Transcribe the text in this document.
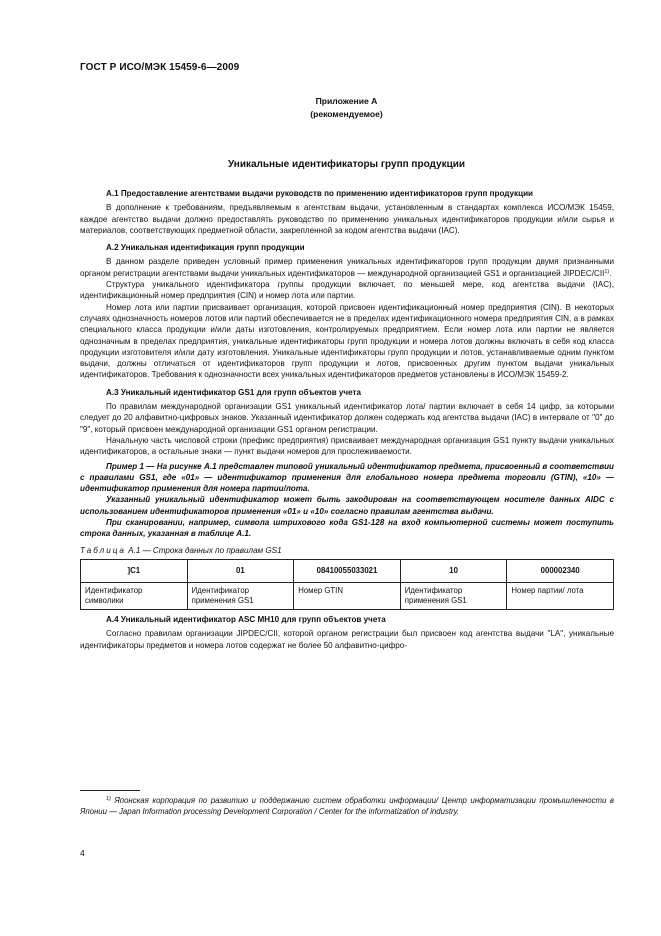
ГОСТ Р ИСО/МЭК 15459-6—2009
Приложение А
(рекомендуемое)
Уникальные идентификаторы групп продукции
А.1 Предоставление агентствами выдачи руководств по применению идентификаторов групп продукции

В дополнение к требованиям, предъявляемым к агентствам выдачи, установленным в стандартах комплекса ИСО/МЭК 15459, каждое агентство выдачи должно предоставлять руководство по применению уникальных идентификаторов продукции и/или сырья и материалов, соответствующих предметной области, закрепленной за кодом агентства выдачи (IAC).

А.2 Уникальная идентификация групп продукции

В данном разделе приведен условный пример применения уникальных идентификаторов групп продукции двумя признанными органом регистрации агентствами выдачи уникальных идентификаторов — международной организацией GS1 и организацией JIPDEC/CII$^{1)}$.

Структура уникального идентификатора группы продукции включает, по меньшей мере, код агентства выдачи (IAC), идентификационный номер предприятия (CIN) и номер лота или партии.

Номер лота или партии присваивает организация, которой присвоен идентификационный номер предприятия (CIN). В некоторых случаях однозначность номеров лотов или партий обеспечивается не в пределах идентификационного номера предприятия CIN, а в рамках специального класса продукции и/или даты изготовления, контролируемых предприятием. Если номер лота или партии не является однозначным в пределах предприятия, уникальные идентификаторы групп продукции и номера лотов должны включать в себя код класса продукции изготовителя и/или дату изготовления. Уникальные идентификаторы групп продукции и лотов, устанавливаемые одним пунктом выдачи, должны отличаться от идентификаторов групп продукции и лотов, присвоенных другим пунктом выдачи уникальных идентификаторов. Требования к однозначности всех уникальных идентификаторов предметов установлены в ИСО/МЭК 15459-2.

А.3 Уникальный идентификатор GS1 для групп объектов учета

По правилам международной организации GS1 уникальный идентификатор лота/ партии включает в себя 14 цифр, за которыми следует до 20 алфавитно-цифровых знаков. Указанный идентификатор должен содержать код агентства выдачи (IAC) в интервале от "0" до "9", который присвоен международной организации GS1 органом регистрации.

Начальную часть числовой строки (префикс предприятия) присваивает международная организация GS1 пункту выдачи уникальных идентификаторов, а остальные знаки — пункт выдачи номеров для прослеживаемости.

Пример 1 — На рисунке А.1 представлен типовой уникальный идентификатор предмета, присвоенный в соответствии с правилами GS1, где «01» — идентификатор применения для глобального номера предмета торговли (GTIN), «10» — идентификатор применения для номера партии/лота.

Указанный уникальный идентификатор может быть закодирован на соответствующем носителе данных AIDC с использованием идентификаторов применения «01» и «10» согласно правилам агентства выдачи.

При сканировании, например, символа штрихового кода GS1-128 на вход компьютерной системы может поступить строка данных, указанная в таблице А.1.

Таблица А.1 — Строка данных по правилам GS1
]C1	01	08410055033021	10	000002340
Идентификатор символики	Идентификатор применения GS1	Номер GTIN	Идентификатор применения GS1	Номер партии/ лота
А.4 Уникальный идентификатор ASC MH10 для групп объектов учета

Согласно правилам организации JIPDEC/CII, которой органом регистрации был присвоен код агентства выдачи "LA", уникальные идентификаторы предметов и номера лотов содержат не более 50 алфавитно-цифро-

$^{1)}$ Японская корпорация по развитию и поддержанию систем обработки информации/ Центр информатизации промышленности в Японии — Japan Information processing Development Corporation / Center for the informatization of industry.
4
